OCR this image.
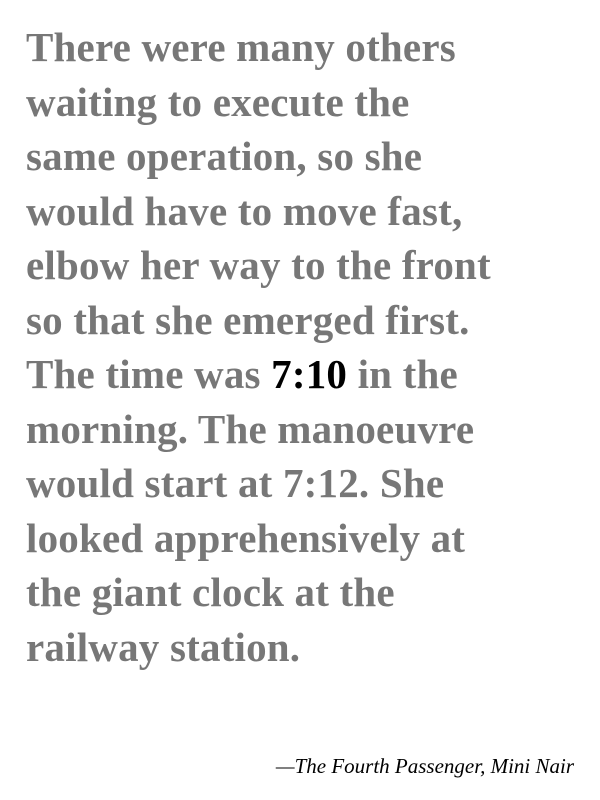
There were many others
waiting to execute the
same operation, so she
would have to move fast,
elbow her way to the front
so that she emerged first.
The time was 7:10 in the
morning. The manoeuvre
would start at 7:12. She
looked apprehensively at
the giant clock at the
railway station.

—The Fourth Passenger, Mini Nair
